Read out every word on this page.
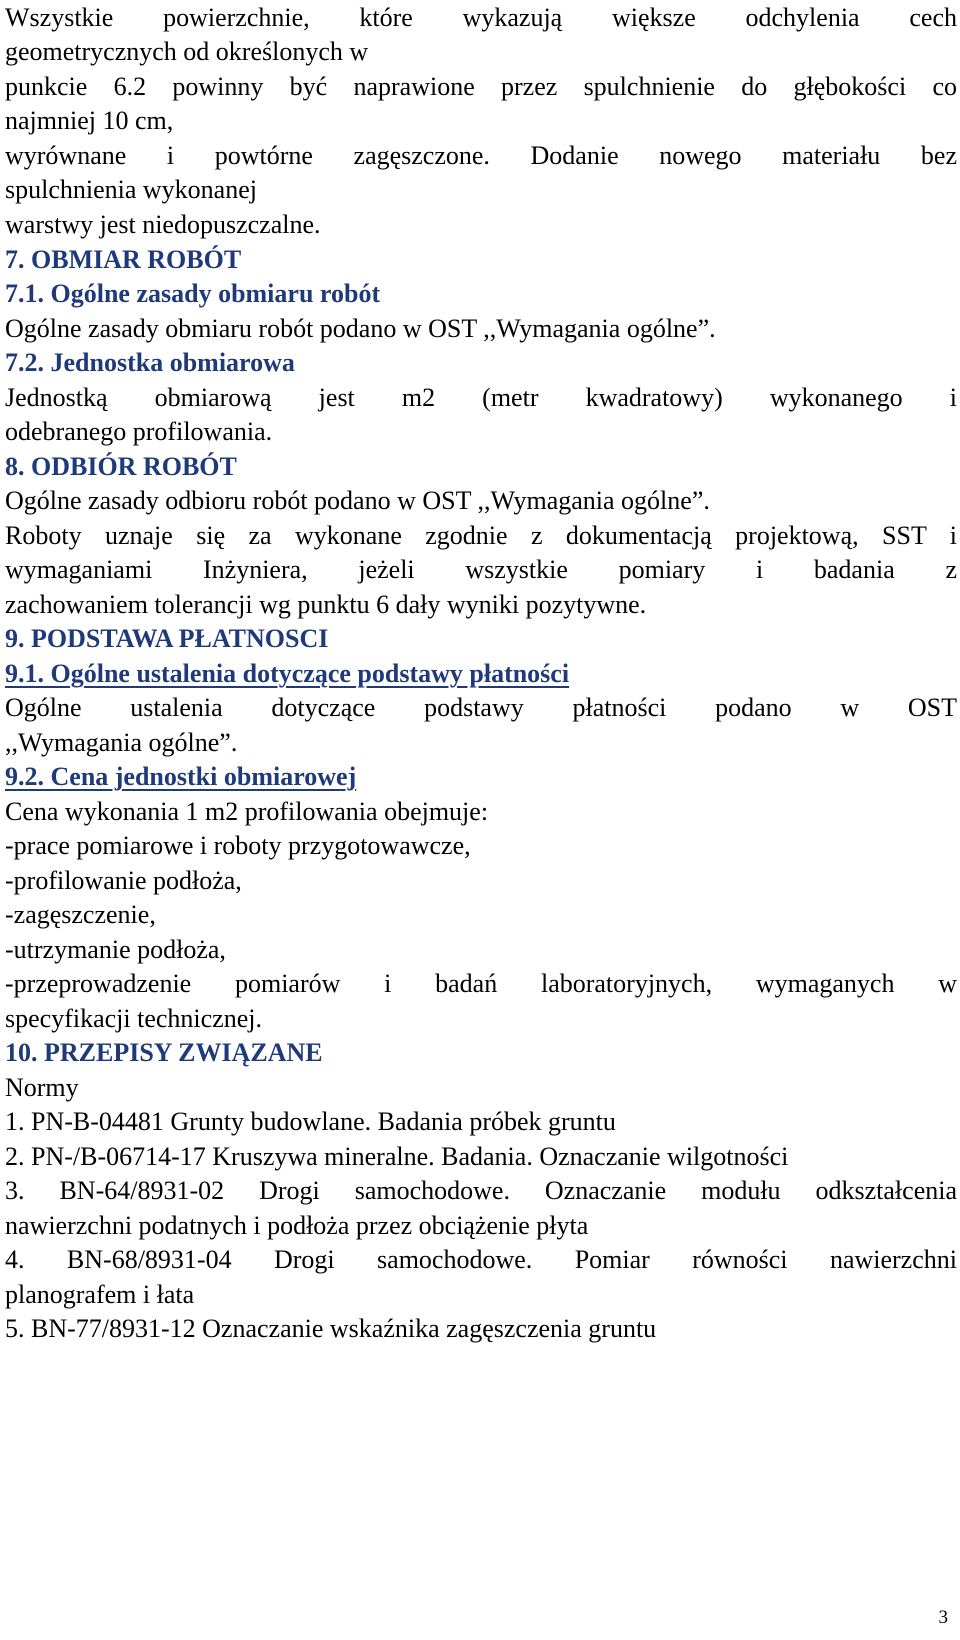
Wszystkie powierzchnie, które wykazują większe odchylenia cech
geometrycznych od określonych w
punkcie 6.2 powinny być naprawione przez spulchnienie do głębokości co
najmniej 10 cm,
wyrównane i powtórne zagęszczone. Dodanie nowego materiału bez
spulchnienia wykonanej
warstwy jest niedopuszczalne.
7. OBMIAR ROBÓT
7.1. Ogólne zasady obmiaru robót
Ogólne zasady obmiaru robót podano w OST ,,Wymagania ogólne”.
7.2. Jednostka obmiarowa
Jednostką obmiarową jest m2 (metr kwadratowy) wykonanego i
odebranego profilowania.
8. ODBIÓR ROBÓT
Ogólne zasady odbioru robót podano w OST ,,Wymagania ogólne”.
Roboty uznaje się za wykonane zgodnie z dokumentacją projektową, SST i
wymaganiami Inżyniera, jeżeli wszystkie pomiary i badania z
zachowaniem tolerancji wg punktu 6 dały wyniki pozytywne.
9. PODSTAWA PŁATNOSCI
9.1. Ogólne ustalenia dotyczące podstawy płatności
Ogólne ustalenia dotyczące podstawy płatności podano w OST
,,Wymagania ogólne”.
9.2. Cena jednostki obmiarowej
Cena wykonania 1 m2 profilowania obejmuje:
-prace pomiarowe i roboty przygotowawcze,
-profilowanie podłoża,
-zagęszczenie,
-utrzymanie podłoża,
-przeprowadzenie pomiarów i badań laboratoryjnych, wymaganych w
specyfikacji technicznej.
10. PRZEPISY ZWIĄZANE
Normy
1. PN-B-04481 Grunty budowlane. Badania próbek gruntu
2. PN-/B-06714-17 Kruszywa mineralne. Badania. Oznaczanie wilgotności
3. BN-64/8931-02 Drogi samochodowe. Oznaczanie modułu odkształcenia
nawierzchni podatnych i podłoża przez obciążenie płyta
4. BN-68/8931-04 Drogi samochodowe. Pomiar równości nawierzchni
planografem i łata
5. BN-77/8931-12 Oznaczanie wskaźnika zagęszczenia gruntu
3
